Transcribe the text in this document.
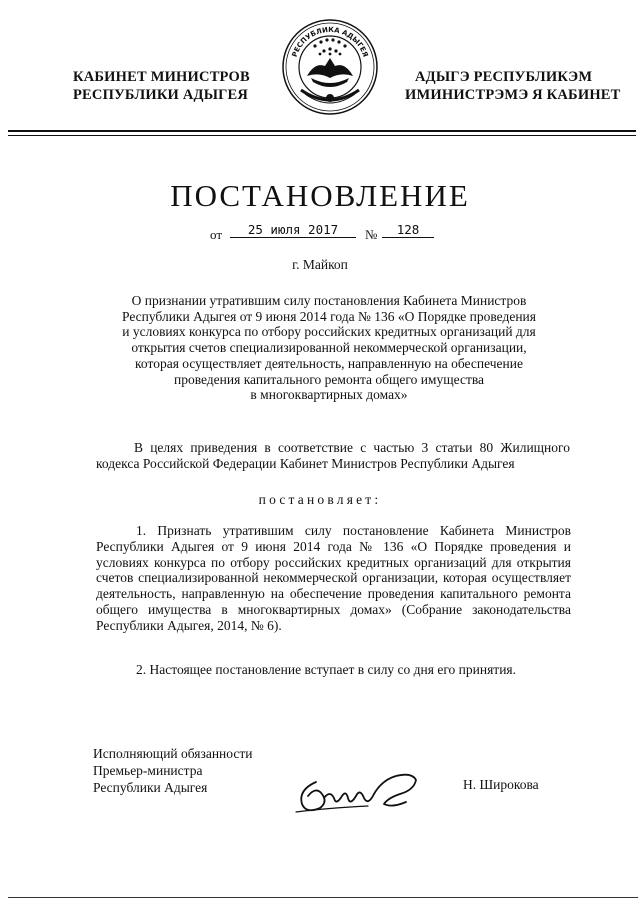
КАБИНЕТ МИНИСТРОВ
РЕСПУБЛИКИ АДЫГЕЯ
РЕСПУБЛИКА АДЫГЕЯ
АДЫГЭ РЕСПУБЛИКЭМ
ИМИНИСТРЭМЭ Я КАБИНЕТ
ПОСТАНОВЛЕНИЕ
от	25 июля 2017	№	128
г. Майкоп
О признании утратившим силу постановления Кабинета Министров
Республики Адыгея от 9 июня 2014 года № 136 «О Порядке проведения
и условиях конкурса по отбору российских кредитных организаций для
открытия счетов специализированной некоммерческой организации,
которая осуществляет деятельность, направленную на обеспечение
проведения капитального ремонта общего имущества
в многоквартирных домах»
В целях приведения в соответствие с частью 3 статьи 80 Жилищного
кодекса Российской Федерации Кабинет Министров Республики Адыгея
постановляет:
1. Признать утратившим силу постановление Кабинета Министров Республики Адыгея от 9 июня 2014 года № 136 «О Порядке проведения и условиях конкурса по отбору российских кредитных организаций для открытия счетов специализированной некоммерческой организации, которая осуществляет деятельность, направленную на обеспечение проведения капитального ремонта общего имущества в многоквартирных домах» (Собрание законодательства Республики Адыгея, 2014, № 6).
2. Настоящее постановление вступает в силу со дня его принятия.
Исполняющий обязанности
Премьер-министра
Республики Адыгея	Н. Широкова
